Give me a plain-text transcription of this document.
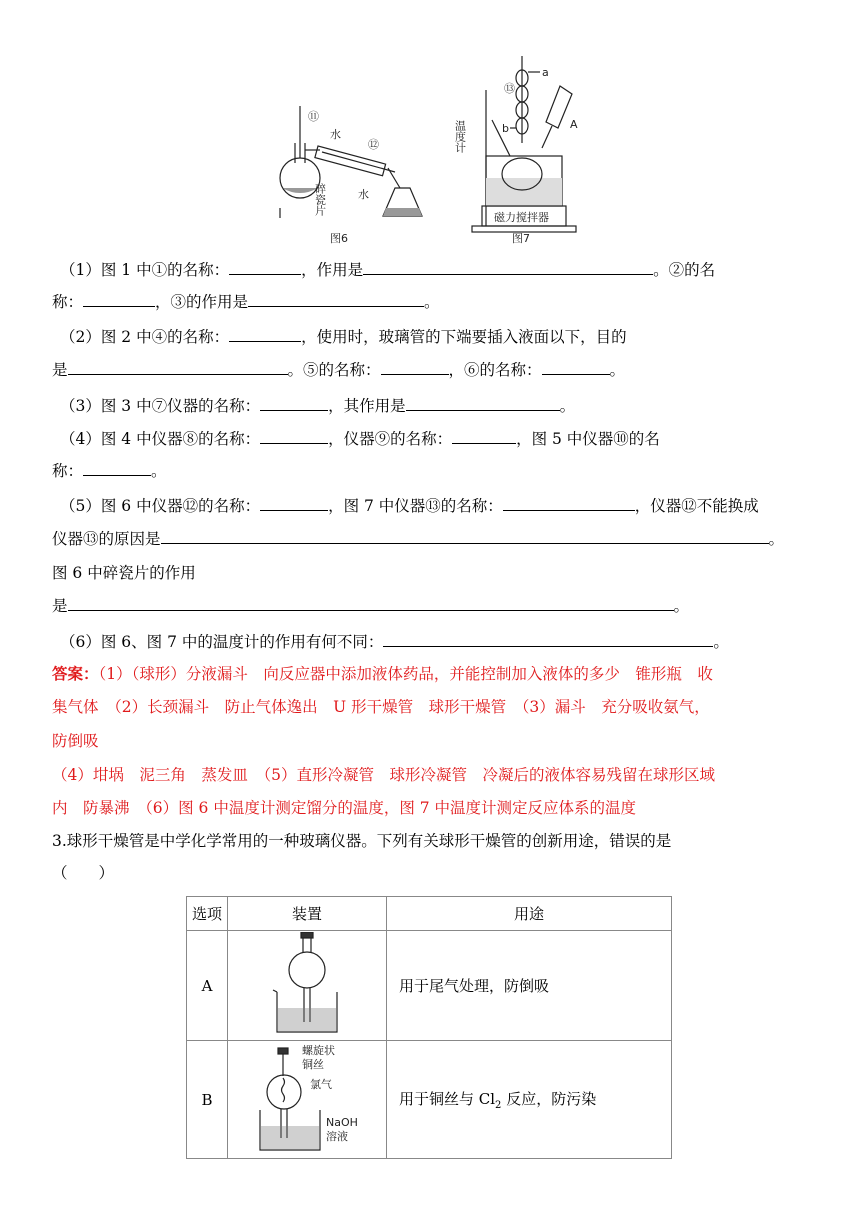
⑪
水
⑫
水
碎瓷片
图6
温度计
⑬
a
b	A
磁力搅拌器
图7
（1）图 1 中①的名称：	，作用是	。②的名
称：	，③的作用是	。
（2）图 2 中④的名称：	，使用时，玻璃管的下端要插入液面以下，目的
是	。⑤的名称：	，⑥的名称：	。
（3）图 3 中⑦仪器的名称：	，其作用是	。
（4）图 4 中仪器⑧的名称：	，仪器⑨的名称：	，图 5 中仪器⑩的名
称：	。
（5）图 6 中仪器⑫的名称：	，图 7 中仪器⑬的名称：	，仪器⑫不能换成
仪器⑬的原因是	。
图 6 中碎瓷片的作用
是	。
（6）图 6、图 7 中的温度计的作用有何不同：	。
答案：（1）（球形）分液漏斗　向反应器中添加液体药品，并能控制加入液体的多少　锥形瓶　收
集气体　（2）长颈漏斗　防止气体逸出　U 形干燥管　球形干燥管　（3）漏斗　充分吸收氨气，
防倒吸
（4）坩埚　泥三角　蒸发皿　（5）直形冷凝管　球形冷凝管　冷凝后的液体容易残留在球形区域
内　防暴沸　（6）图 6 中温度计测定馏分的温度，图 7 中温度计测定反应体系的温度
3.球形干燥管是中学化学常用的一种玻璃仪器。下列有关球形干燥管的创新用途，错误的是
（　　）
选项	装置	用途
A		用于尾气处理，防倒吸
B	螺旋状
铜丝
氯气
NaOH
溶液	用于铜丝与 $Cl_2$ 反应，防污染
